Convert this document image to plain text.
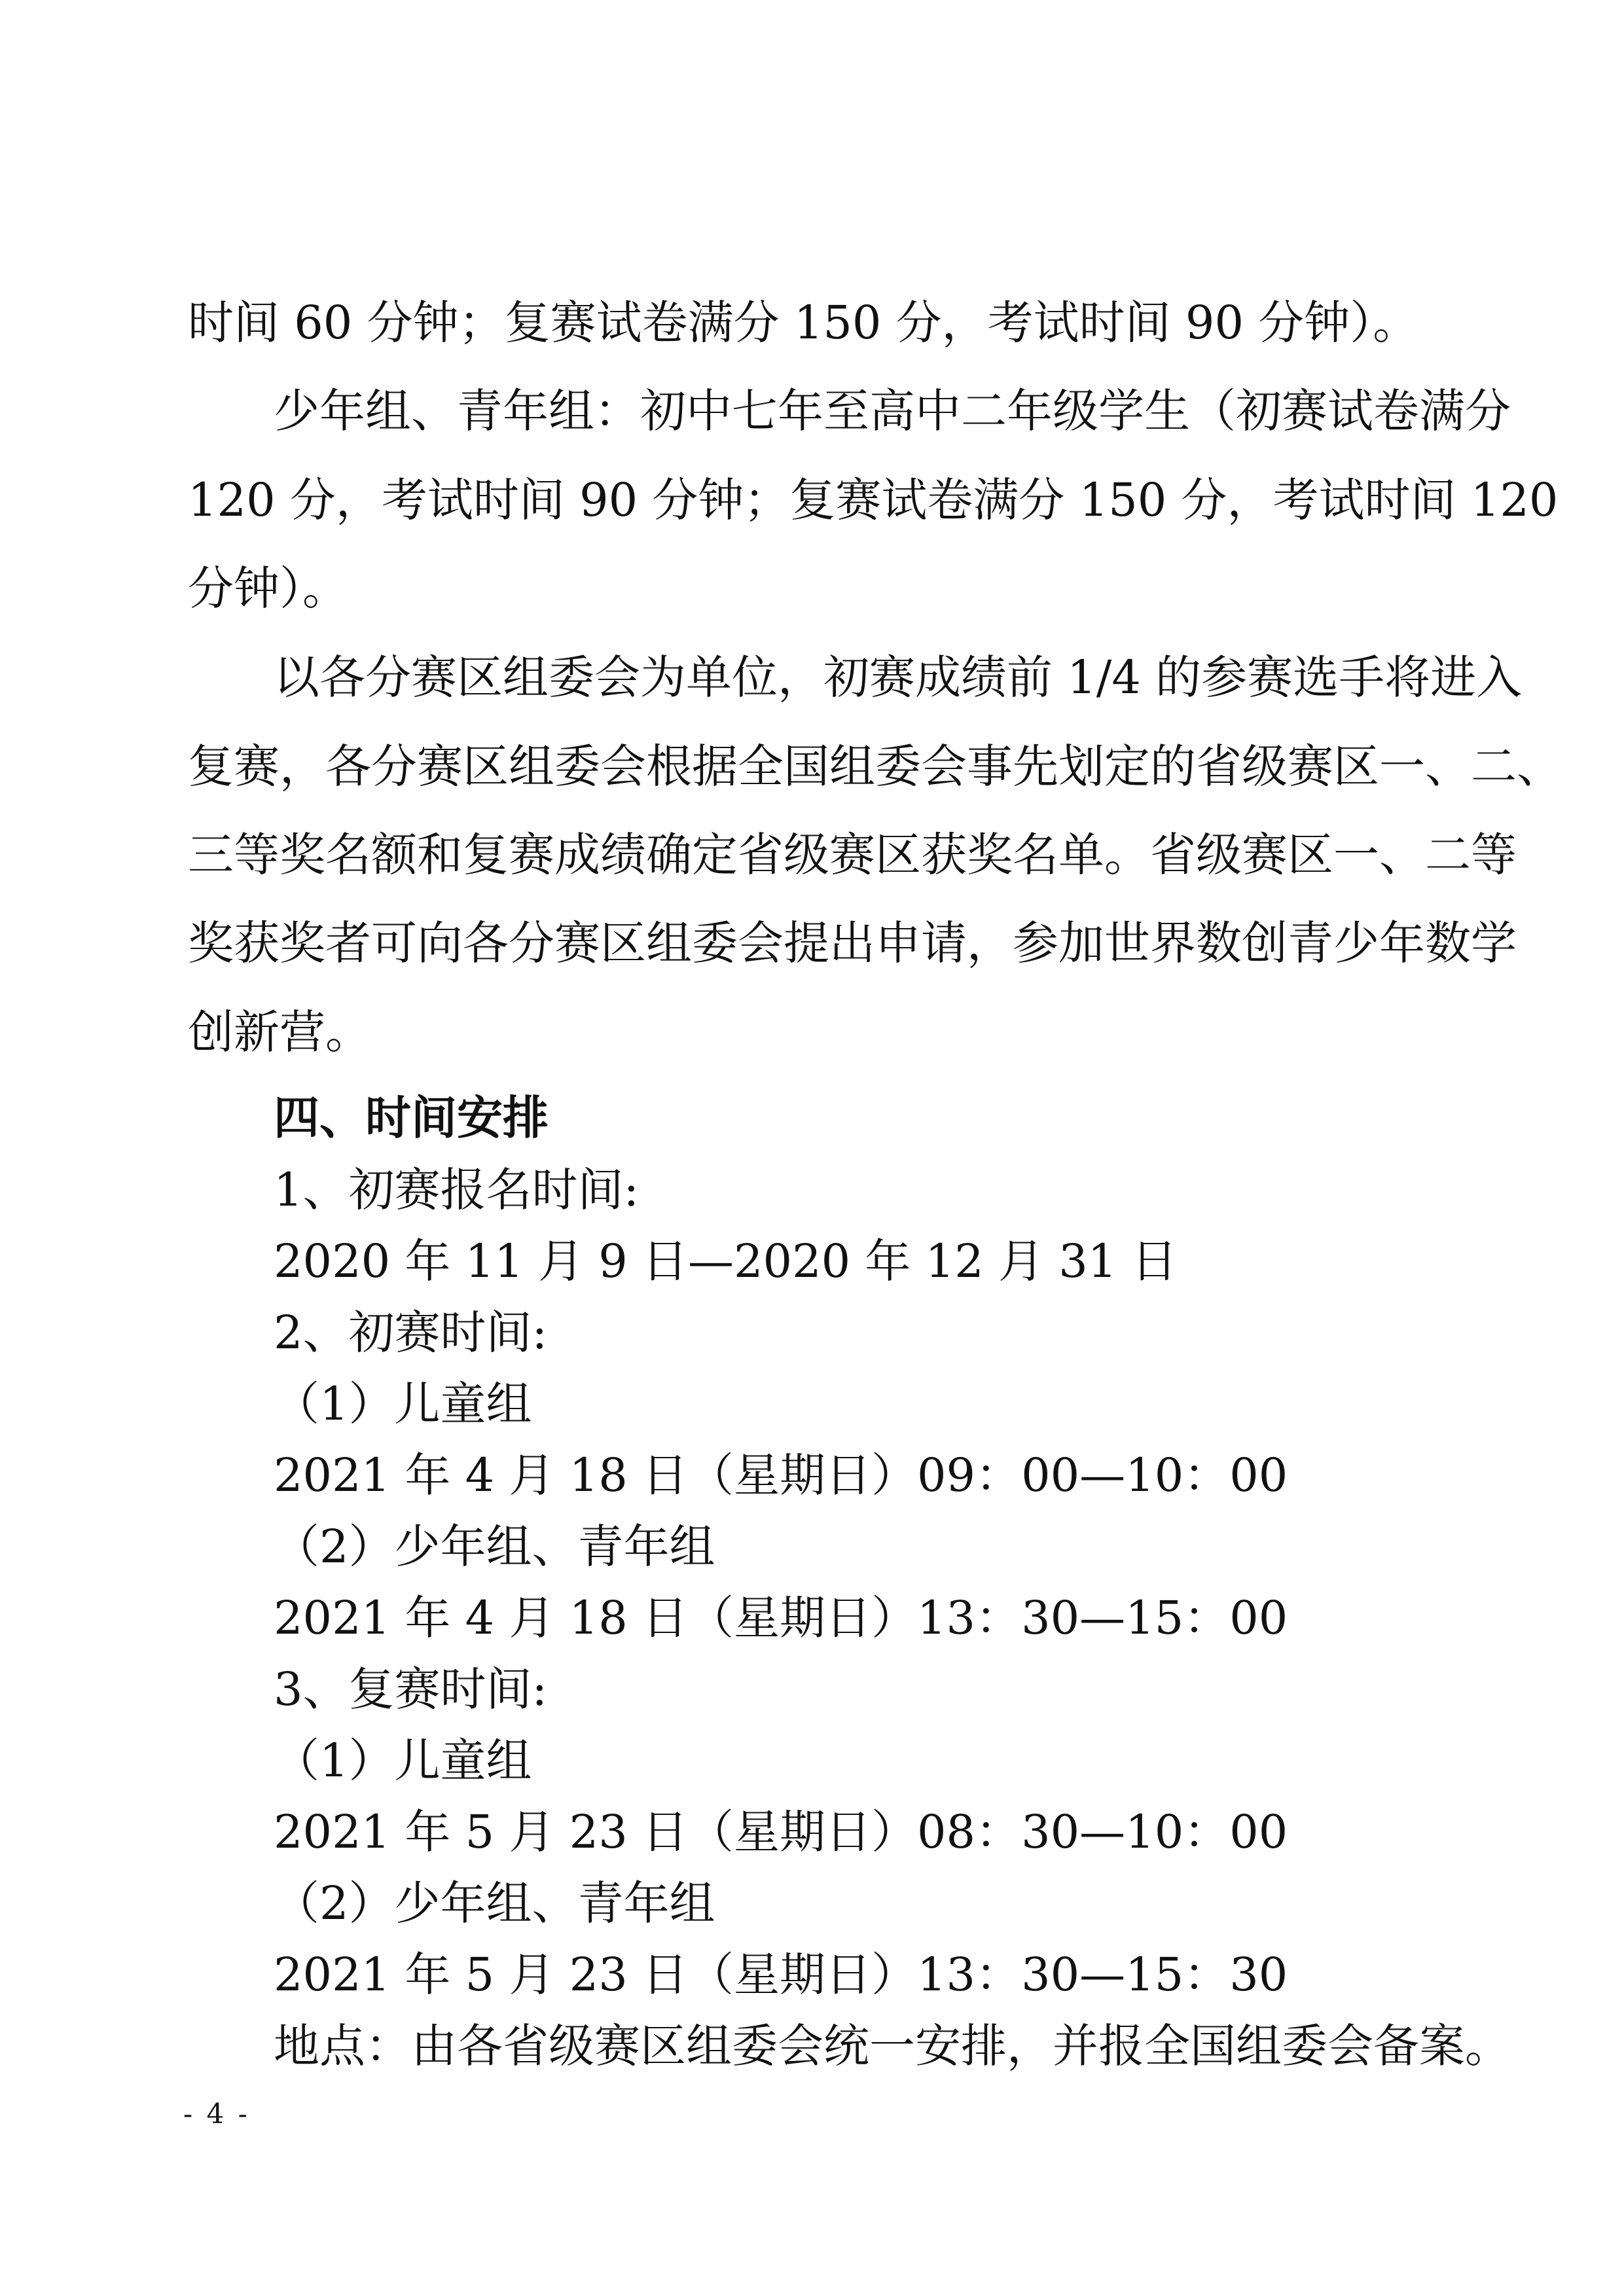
时间 60 分钟；复赛试卷满分 150 分，考试时间 90 分钟）。

少年组、青年组：初中七年至高中二年级学生（初赛试卷满分

120 分，考试时间 90 分钟；复赛试卷满分 150 分，考试时间 120

分钟）。

以各分赛区组委会为单位，初赛成绩前 1/4 的参赛选手将进入

复赛，各分赛区组委会根据全国组委会事先划定的省级赛区一、二、

三等奖名额和复赛成绩确定省级赛区获奖名单。省级赛区一、二等

奖获奖者可向各分赛区组委会提出申请，参加世界数创青少年数学

创新营。

四、时间安排

1、初赛报名时间:

2020 年 11 月 9 日—2020 年 12 月 31 日

2、初赛时间:

（1）儿童组

2021 年 4 月 18 日（星期日）09：00—10：00

（2）少年组、青年组

2021 年 4 月 18 日（星期日）13：30—15：00

3、复赛时间:

（1）儿童组

2021 年 5 月 23 日（星期日）08：30—10：00

（2）少年组、青年组

2021 年 5 月 23 日（星期日）13：30—15：30

地点：由各省级赛区组委会统一安排，并报全国组委会备案。

- 4 -
